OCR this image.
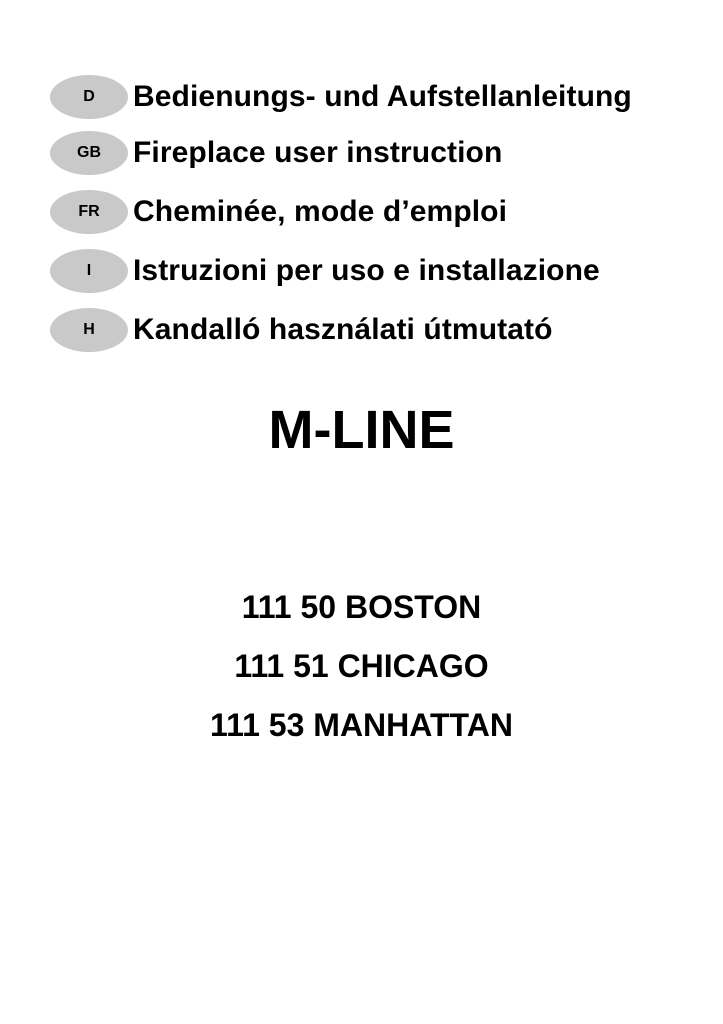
D	Bedienungs- und Aufstellanleitung
GB	Fireplace user instruction
FR	Cheminée, mode d’emploi
I	Istruzioni per uso e installazione
H	Kandalló használati útmutató
M-LINE
111 50 BOSTON
111 51 CHICAGO
111 53 MANHATTAN
